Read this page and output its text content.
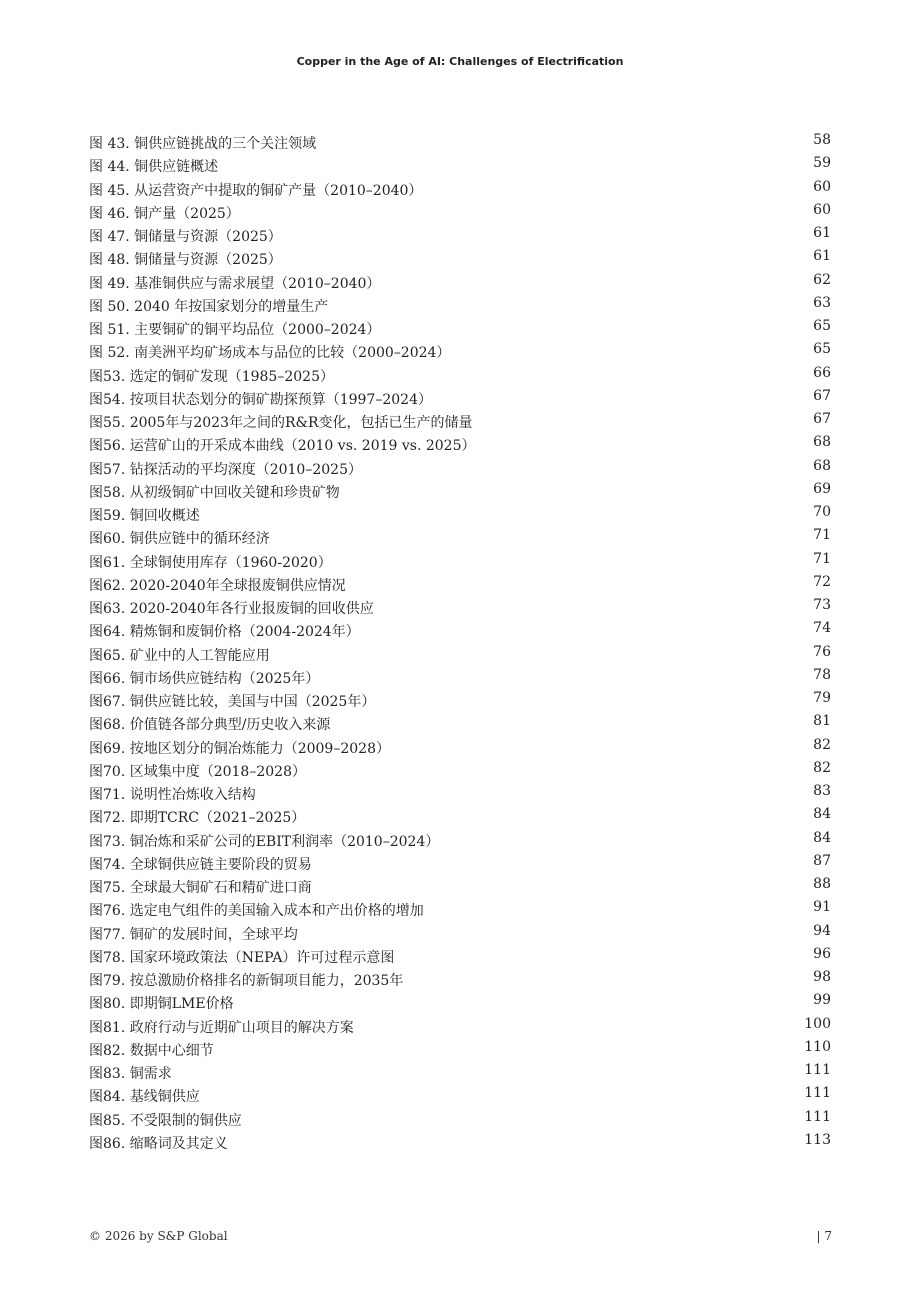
Copper in the Age of AI: Challenges of Electrification
图 43. 铜供应链挑战的三个关注领域	58
图 44. 铜供应链概述	59
图 45. 从运营资产中提取的铜矿产量（2010–2040）	60
图 46. 铜产量（2025）	60
图 47. 铜储量与资源（2025）	61
图 48. 铜储量与资源（2025）	61
图 49. 基准铜供应与需求展望（2010–2040）	62
图 50. 2040 年按国家划分的增量生产	63
图 51. 主要铜矿的铜平均品位（2000–2024）	65
图 52. 南美洲平均矿场成本与品位的比较（2000–2024）	65
图53. 选定的铜矿发现（1985–2025）	66
图54. 按项目状态划分的铜矿勘探预算（1997–2024）	67
图55. 2005年与2023年之间的R&R变化，包括已生产的储量	67
图56. 运营矿山的开采成本曲线（2010 vs. 2019 vs. 2025）	68
图57. 钻探活动的平均深度（2010–2025）	68
图58. 从初级铜矿中回收关键和珍贵矿物	69
图59. 铜回收概述	70
图60. 铜供应链中的循环经济	71
图61. 全球铜使用库存（1960-2020）	71
图62. 2020-2040年全球报废铜供应情况	72
图63. 2020-2040年各行业报废铜的回收供应	73
图64. 精炼铜和废铜价格（2004-2024年）	74
图65. 矿业中的人工智能应用	76
图66. 铜市场供应链结构（2025年）	78
图67. 铜供应链比较，美国与中国（2025年）	79
图68. 价值链各部分典型/历史收入来源	81
图69. 按地区划分的铜冶炼能力（2009–2028）	82
图70. 区域集中度（2018–2028）	82
图71. 说明性冶炼收入结构	83
图72. 即期TCRC（2021–2025）	84
图73. 铜冶炼和采矿公司的EBIT利润率（2010–2024）	84
图74. 全球铜供应链主要阶段的贸易	87
图75. 全球最大铜矿石和精矿进口商	88
图76. 选定电气组件的美国输入成本和产出价格的增加	91
图77. 铜矿的发展时间，全球平均	94
图78. 国家环境政策法（NEPA）许可过程示意图	96
图79. 按总激励价格排名的新铜项目能力，2035年	98
图80. 即期铜LME价格	99
图81. 政府行动与近期矿山项目的解决方案	100
图82. 数据中心细节	110
图83. 铜需求	111
图84. 基线铜供应	111
图85. 不受限制的铜供应	111
图86. 缩略词及其定义	113
© 2026 by S&P Global	| 7
